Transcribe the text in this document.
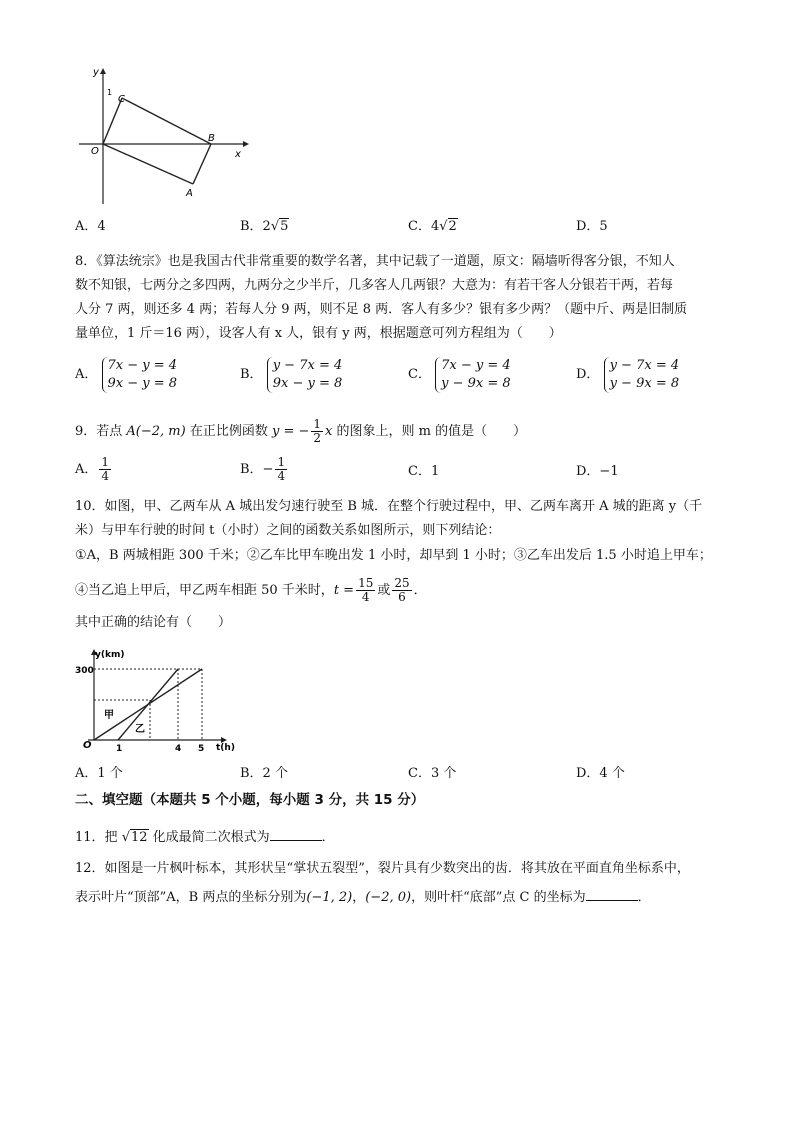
y
x
O
1
C
B
A
A．4	B．2√5	C．4√2	D．5
8．《算法统宗》也是我国古代非常重要的数学名著，其中记载了一道题，原文：隔墙听得客分银，不知人
数不知银，七两分之多四两，九两分之少半斤，几多客人几两银？大意为：有若干客人分银若干两，若每
人分 7 两，则还多 4 两；若每人分 9 两，则不足 8 两．客人有多少？银有多少两？（题中斤、两是旧制质
量单位，1 斤＝16 两），设客人有 x 人，银有 y 两，根据题意可列方程组为（　　）
A． 7x − y = 4
9x − y = 8
B． y − 7x = 4
9x − y = 8
C． 7x − y = 4
y − 9x = 8
D． y − 7x = 4
y − 9x = 8
9．若点 A(−2, m) 在正比例函数 y = − $\frac{1}{2}$ x 的图象上，则 m 的值是（　　）
A． $\frac{1}{4}$	B．− $\frac{1}{4}$	C．1	D．−1
10．如图，甲、乙两车从 A 城出发匀速行驶至 B 城．在整个行驶过程中，甲、乙两车离开 A 城的距离 y（千
米）与甲车行驶的时间 t（小时）之间的函数关系如图所示，则下列结论：
①A，B 两城相距 300 千米；②乙车比甲车晚出发 1 小时，却早到 1 小时；③乙车出发后 1.5 小时追上甲车；
④当乙追上甲后，甲乙两车相距 50 千米时，$t = \frac{15}{4}$ 或 $\frac{25}{6}$ ．
其中正确的结论有（　　）
y(km)
300
O	1	4 5 t(h)
甲
乙
A．1 个	B．2 个	C．3 个	D．4 个
二、填空题（本题共 5 个小题，每小题 3 分，共 15 分）
11．把 √12 化成最简二次根式为	．
12．如图是一片枫叶标本，其形状呈“掌状五裂型”，裂片具有少数突出的齿．将其放在平面直角坐标系中，
表示叶片“顶部”A，B 两点的坐标分别为(−1, 2)，(−2, 0)，则叶杆“底部”点 C 的坐标为	．
